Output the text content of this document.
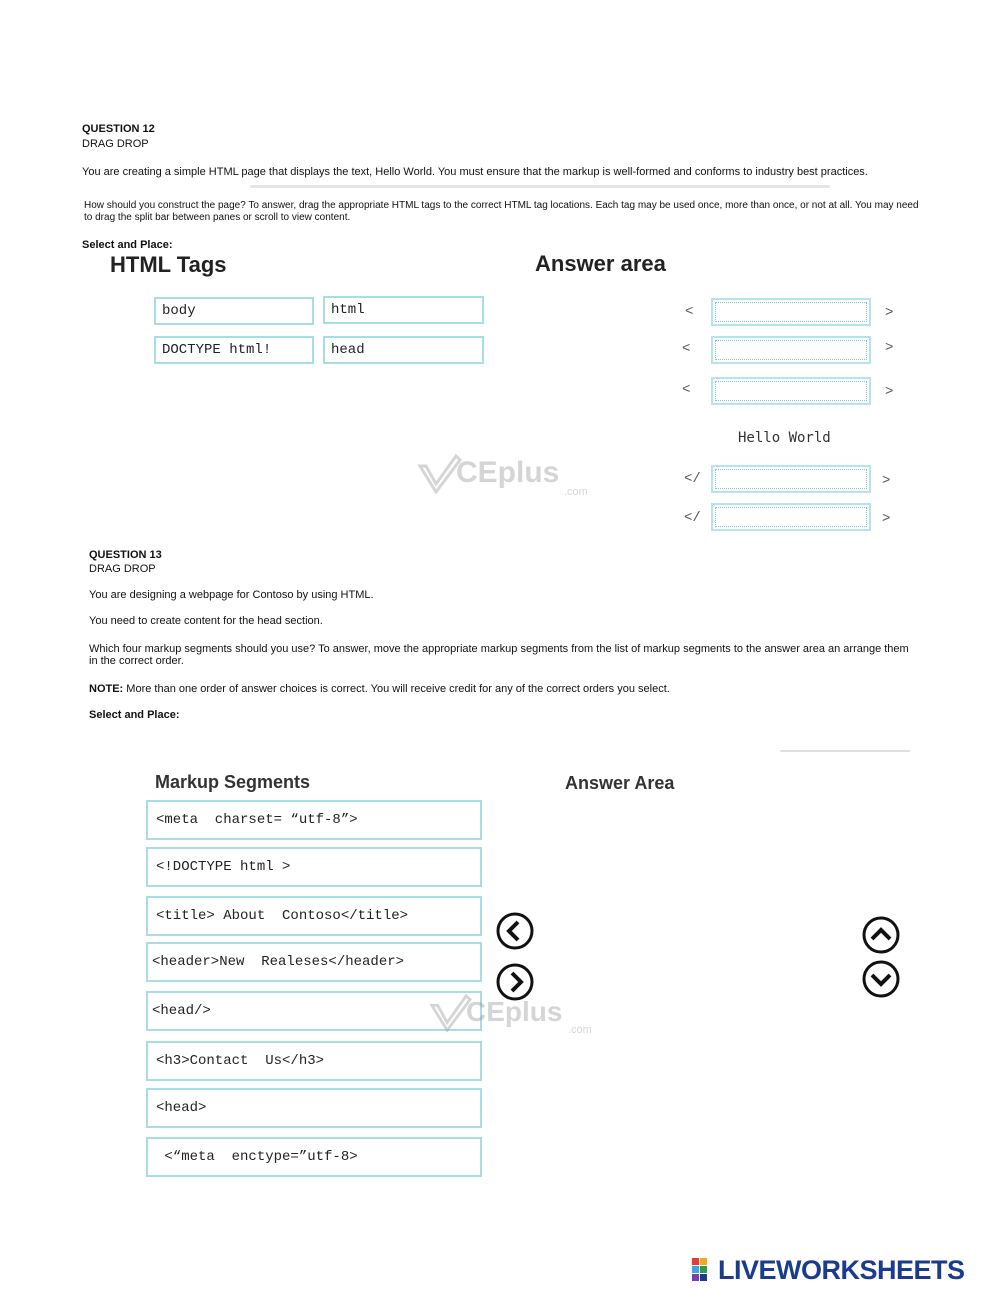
QUESTION 12
DRAG DROP
You are creating a simple HTML page that displays the text, Hello World. You must ensure that the markup is well-formed and conforms to industry best practices.
How should you construct the page? To answer, drag the appropriate HTML tags to the correct HTML tag locations. Each tag may be used once, more than once, or not at all. You may need to drag the split bar between panes or scroll to view content.
Select and Place:
HTML Tags	Answer area
body	html
DOCTYPE html!	head
<	>
<	>
<	>
Hello World
</	>
</	>
CEplus
.com
QUESTION 13
DRAG DROP
You are designing a webpage for Contoso by using HTML.
You need to create content for the head section.
Which four markup segments should you use? To answer, move the appropriate markup segments from the list of markup segments to the answer area an arrange them in the correct order.
NOTE: More than one order of answer choices is correct. You will receive credit for any of the correct orders you select.
Select and Place:
Markup Segments	Answer Area
<meta  charset= “utf-8”>
<!DOCTYPE html >
<title> About  Contoso</title>
<header>New  Realeses</header>
<head/>
<h3>Contact  Us</h3>
<head>
<“meta  enctype=”utf-8>
CEplus
.com
LIVEWORKSHEETS
